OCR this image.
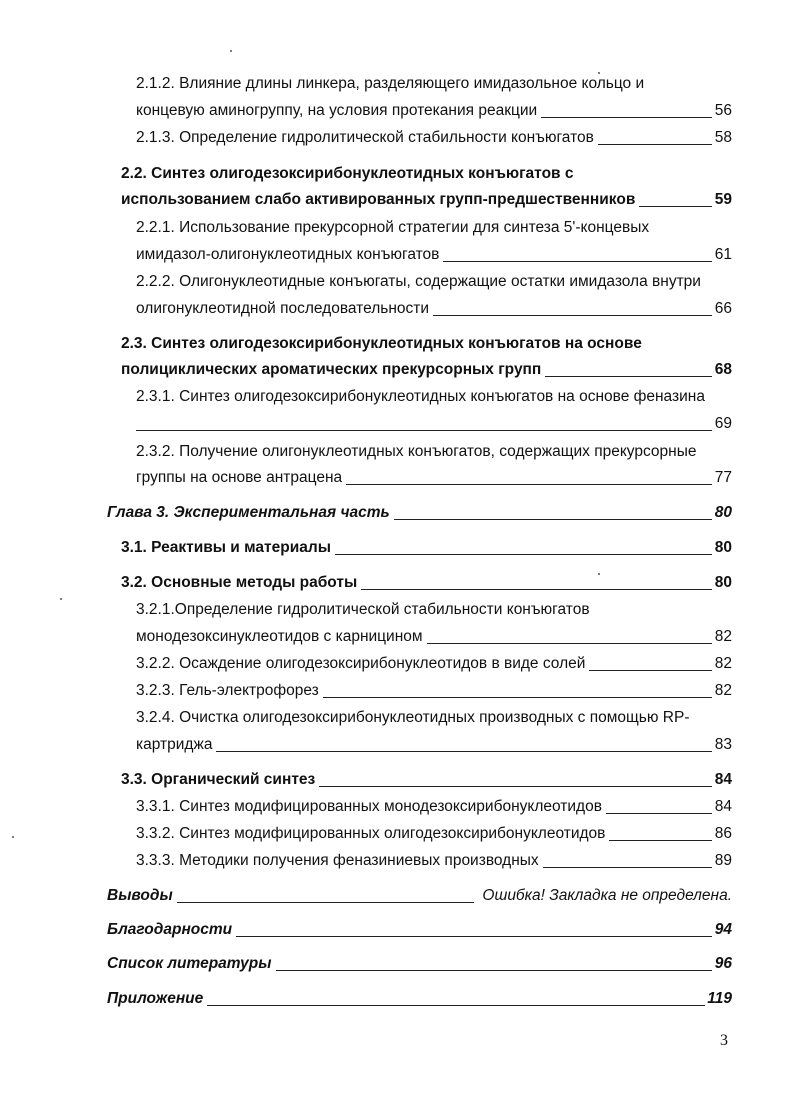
2.1.2. Влияние длины линкера, разделяющего имидазольное кольцо и
концевую аминогруппу, на условия протекания реакции	56
2.1.3. Определение гидролитической стабильности конъюгатов	58
2.2. Синтез олигодезоксирибонуклеотидных конъюгатов с
использованием слабо активированных групп-предшественников	59
2.2.1. Использование прекурсорной стратегии для синтеза 5'-концевых
имидазол-олигонуклеотидных конъюгатов	61
2.2.2. Олигонуклеотидные конъюгаты, содержащие остатки имидазола внутри
олигонуклеотидной последовательности	66
2.3. Синтез олигодезоксирибонуклеотидных конъюгатов на основе
полициклических ароматических прекурсорных групп	68
2.3.1. Синтез олигодезоксирибонуклеотидных конъюгатов на основе феназина
69
2.3.2. Получение олигонуклеотидных конъюгатов, содержащих прекурсорные
группы на основе антрацена	77
Глава 3. Экспериментальная часть	80
3.1. Реактивы и материалы	80
3.2. Основные методы работы	80
3.2.1.Определение гидролитической стабильности конъюгатов
монодезоксинуклеотидов с карницином	82
3.2.2. Осаждение олигодезоксирибонуклеотидов в виде солей	82
3.2.3. Гель-электрофорез	82
3.2.4. Очистка олигодезоксирибонуклеотидных производных с помощью RP-
картриджа	83
3.3. Органический синтез	84
3.3.1. Синтез модифицированных монодезоксирибонуклеотидов	84
3.3.2. Синтез модифицированных олигодезоксирибонуклеотидов	86
3.3.3. Методики получения феназиниевых производных	89
Выводы	Ошибка! Закладка не определена.
Благодарности	94
Список литературы	96
Приложение	119
3
